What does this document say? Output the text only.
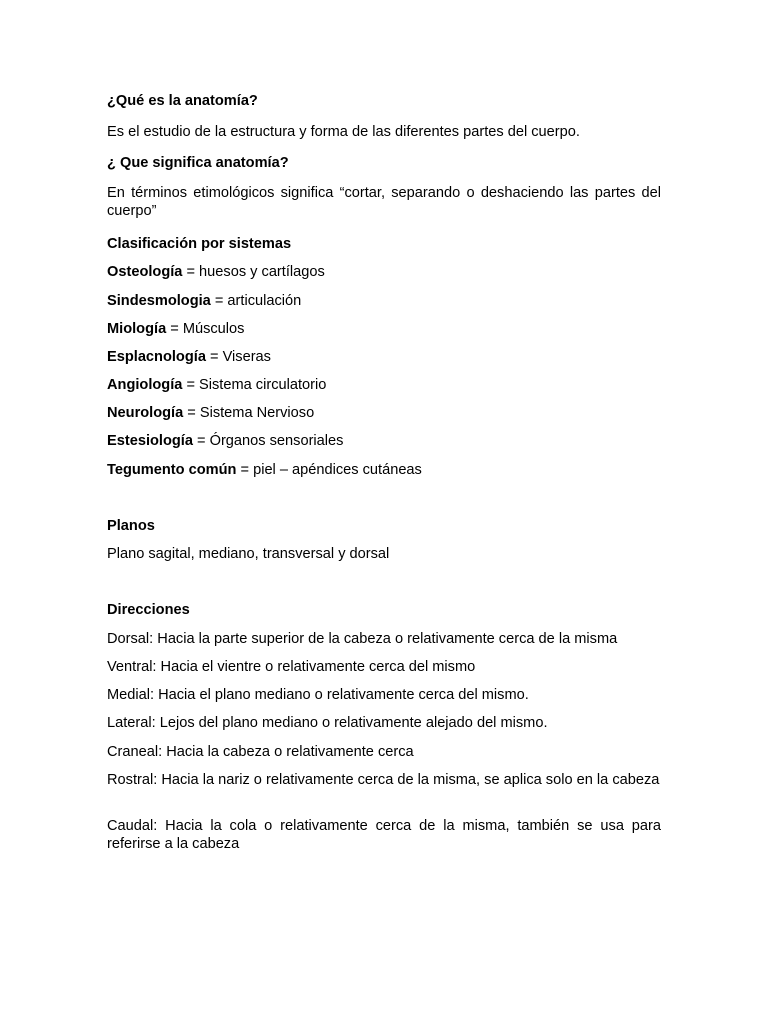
¿Qué es la anatomía?
Es el estudio de la estructura y forma de las diferentes partes del cuerpo.
¿ Que significa anatomía?
En términos etimológicos significa “cortar, separando o deshaciendo las partes del cuerpo”
Clasificación por sistemas
Osteología = huesos y cartílagos
Sindesmologia = articulación
Miología = Músculos
Esplacnología = Viseras
Angiología = Sistema circulatorio
Neurología = Sistema Nervioso
Estesiología = Órganos sensoriales
Tegumento común = piel – apéndices cutáneas
Planos
Plano sagital, mediano, transversal y dorsal
Direcciones
Dorsal: Hacia la parte superior de la cabeza o relativamente cerca de la misma
Ventral: Hacia el vientre o relativamente cerca del mismo
Medial: Hacia el plano mediano o relativamente cerca del mismo.
Lateral: Lejos del plano mediano o relativamente alejado del mismo.
Craneal: Hacia la cabeza o relativamente cerca
Rostral: Hacia la nariz o relativamente cerca de la misma, se aplica solo en la cabeza
Caudal: Hacia la cola o relativamente cerca de la misma, también se usa para referirse a la cabeza
